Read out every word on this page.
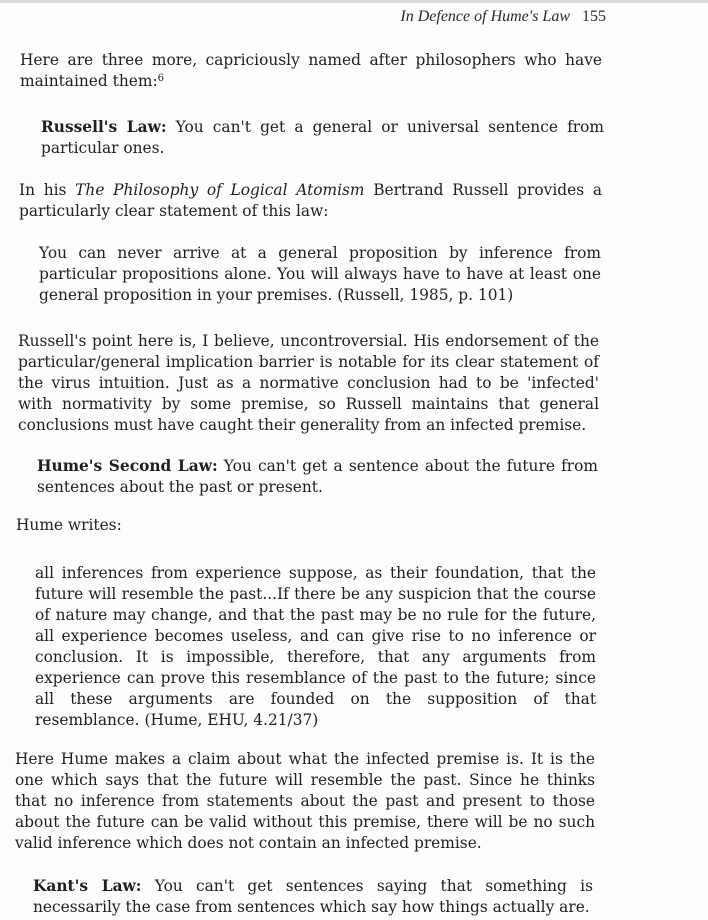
In Defence of Hume's Law 155

Here are three more, capriciously named after philosophers who have maintained them:$^6$

Russell's Law: You can't get a general or universal sentence from particular ones.

In his The Philosophy of Logical Atomism Bertrand Russell provides a particularly clear statement of this law:

You can never arrive at a general proposition by inference from particular propositions alone. You will always have to have at least one general proposition in your premises. (Russell, 1985, p. 101)

Russell's point here is, I believe, uncontroversial. His endorsement of the particular/general implication barrier is notable for its clear statement of the virus intuition. Just as a normative conclusion had to be 'infected' with normativity by some premise, so Russell maintains that general conclusions must have caught their generality from an infected premise.

Hume's Second Law: You can't get a sentence about the future from sentences about the past or present.

Hume writes:

all inferences from experience suppose, as their foundation, that the future will resemble the past...If there be any suspicion that the course of nature may change, and that the past may be no rule for the future, all experience becomes useless, and can give rise to no inference or conclusion. It is impossible, therefore, that any arguments from experience can prove this resemblance of the past to the future; since all these arguments are founded on the supposition of that resemblance. (Hume, EHU, 4.21/37)

Here Hume makes a claim about what the infected premise is. It is the one which says that the future will resemble the past. Since he thinks that no inference from statements about the past and present to those about the future can be valid without this premise, there will be no such valid inference which does not contain an infected premise.

Kant's Law: You can't get sentences saying that something is necessarily the case from sentences which say how things actually are.
